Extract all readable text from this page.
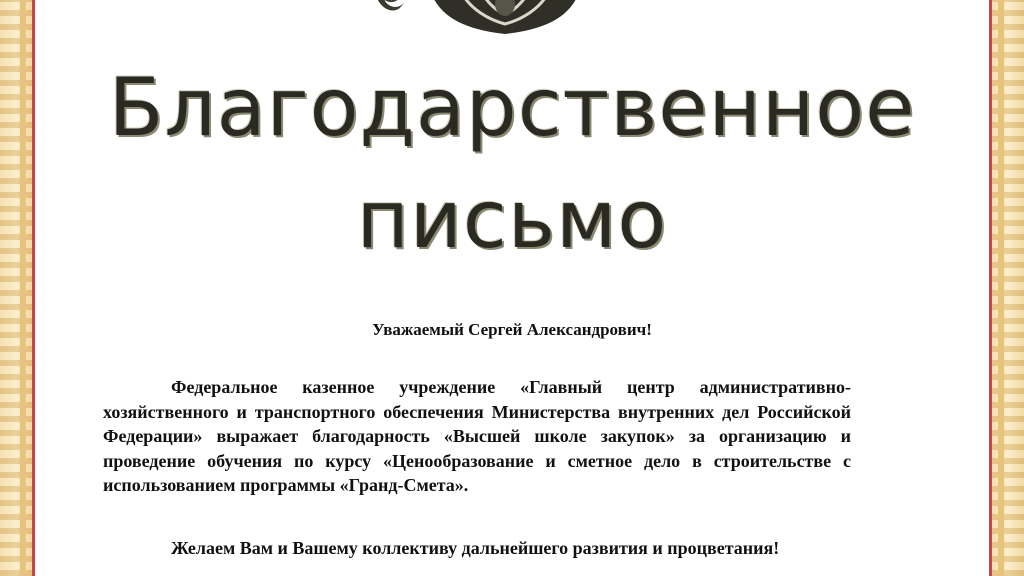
Благодарственное
письмо
Уважаемый Сергей Александрович!
Федеральное казенное учреждение «Главный центр административно-хозяйственного и транспортного обеспечения Министерства внутренних дел Российской Федерации» выражает благодарность «Высшей школе закупок» за организацию и проведение обучения по курсу «Ценообразование и сметное дело в строительстве с использованием программы «Гранд-Смета».
Желаем Вам и Вашему коллективу дальнейшего развития и процветания!
